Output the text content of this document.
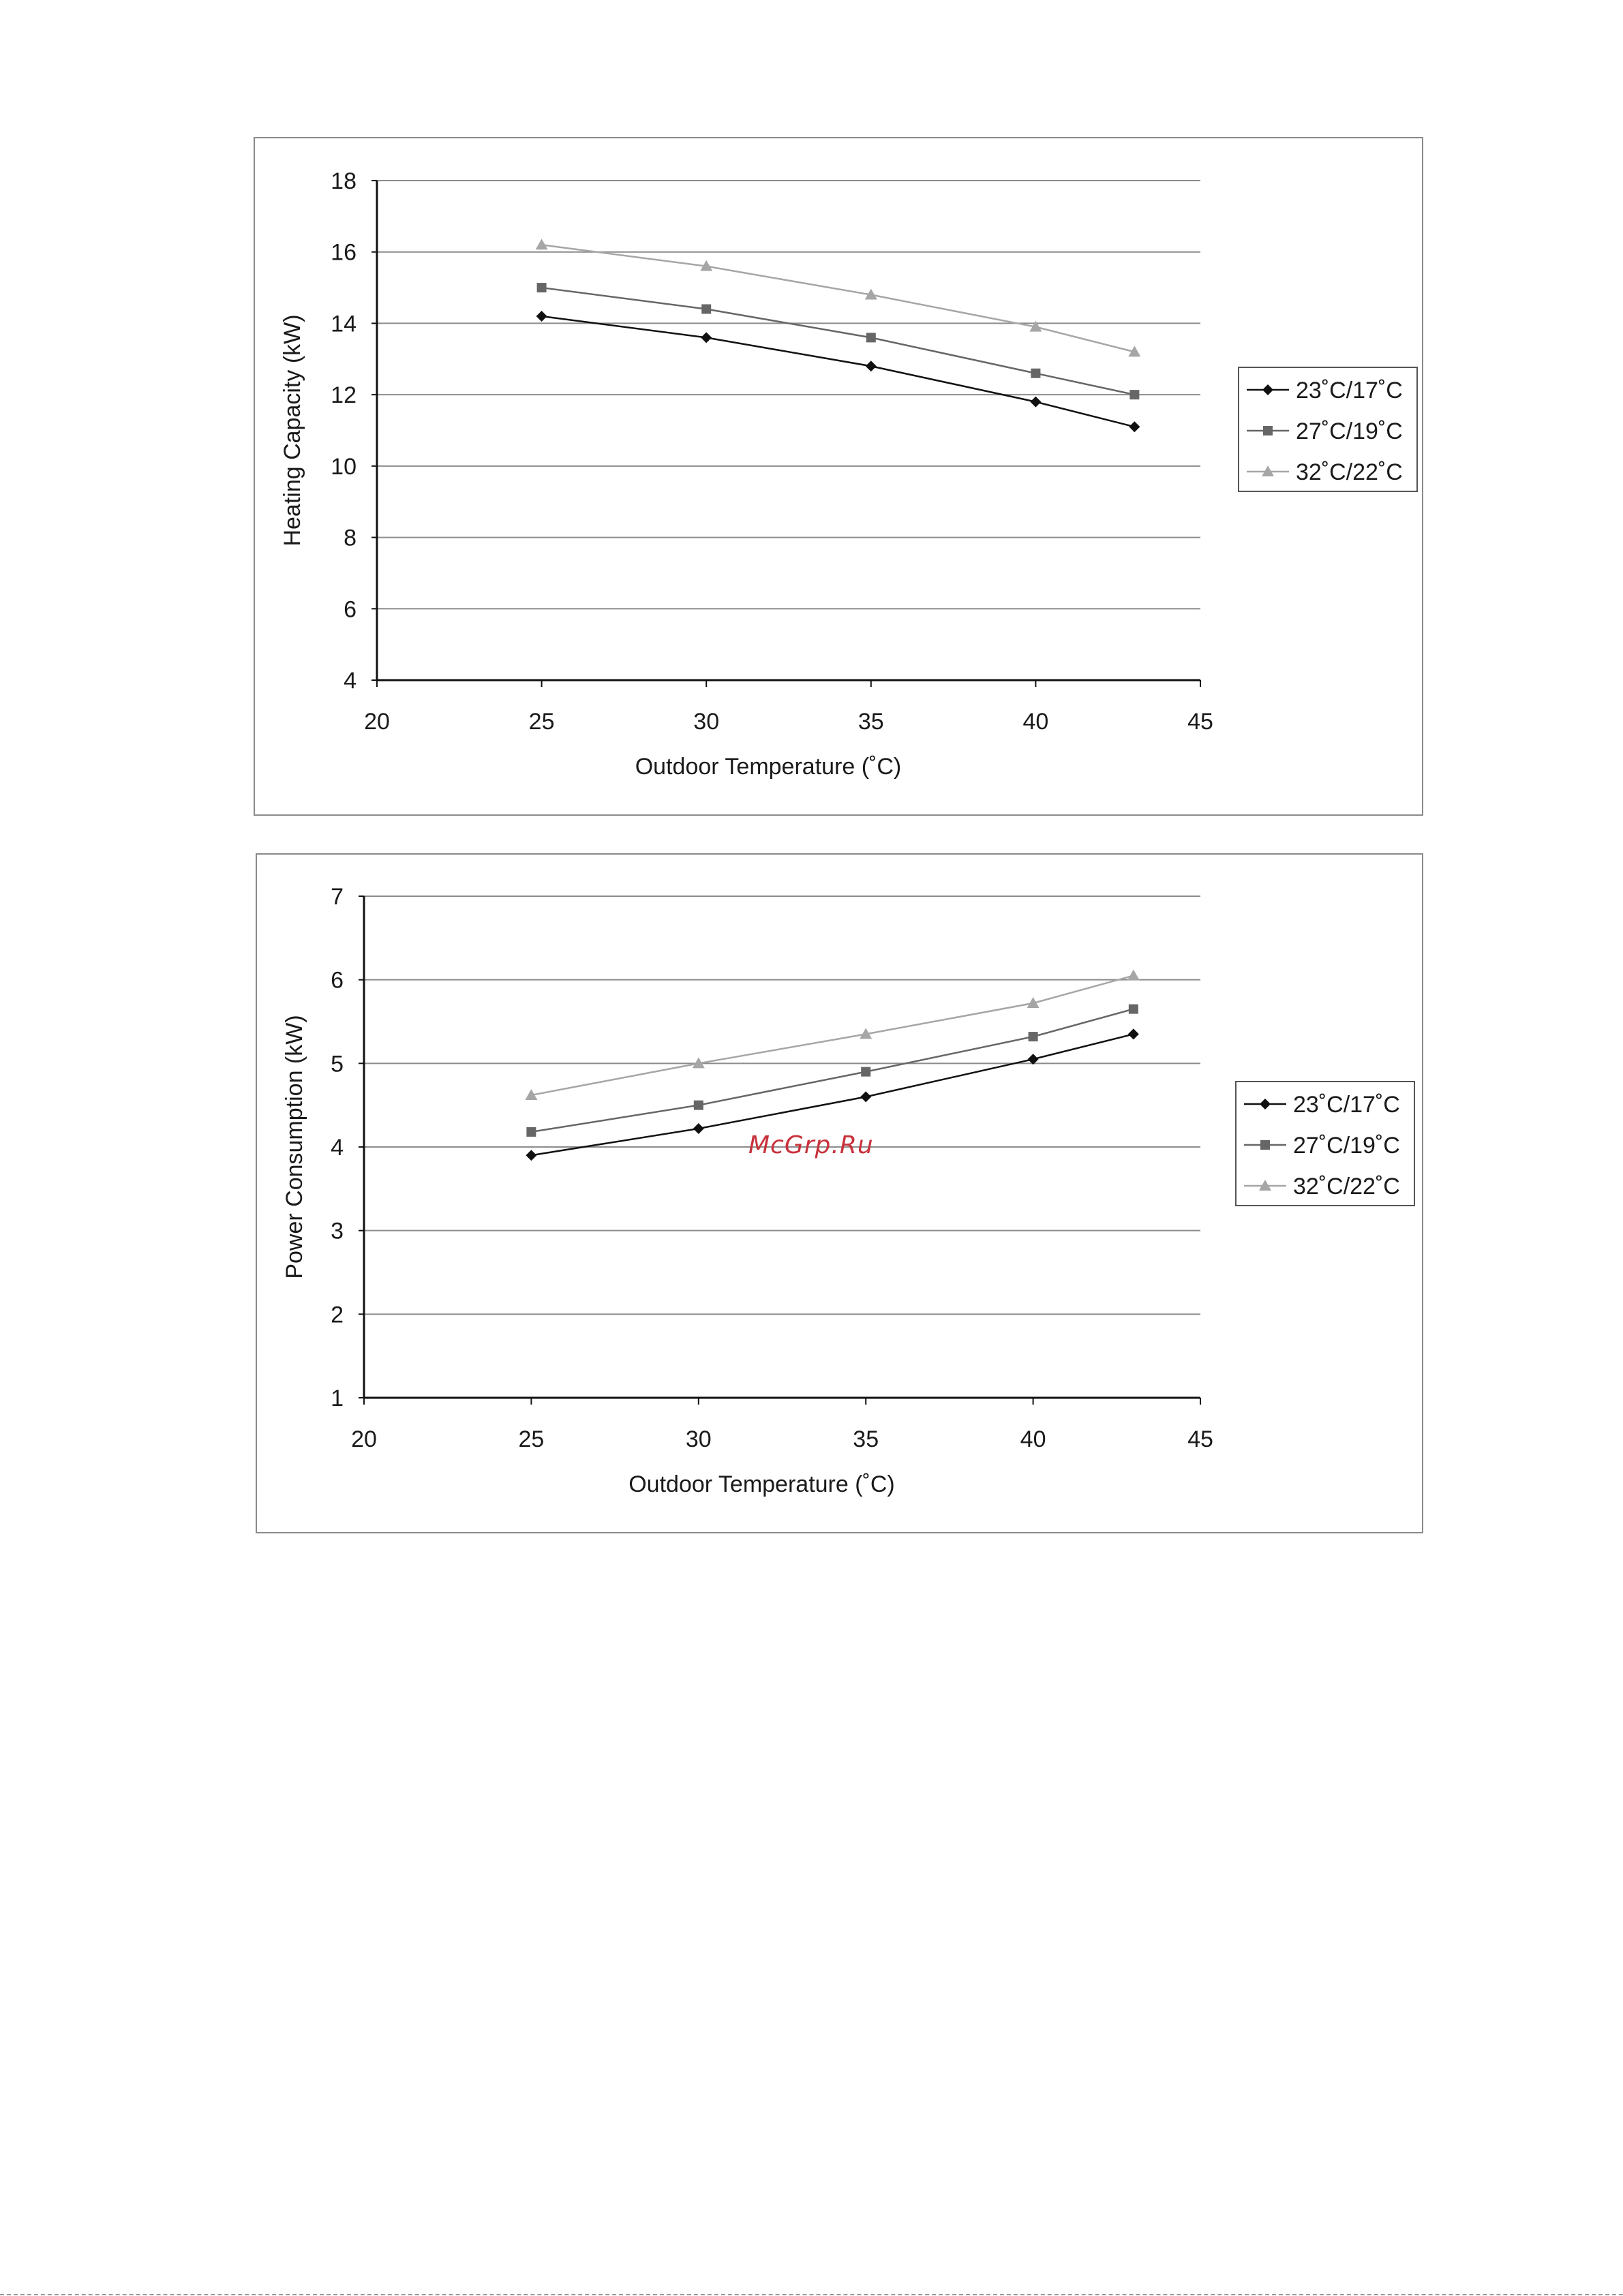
4
6
8
10
12
14
16
18
20	25	30	35	40	45
Outdoor Temperature (˚C)
Heating Capacity (kW)	23˚C/17˚C
27˚C/19˚C
32˚C/22˚C
1
2
3
4
5
6
7
20	25	30	35	40	45
Outdoor Temperature (˚C)
Power Consumption (kW)	23˚C/17˚C
27˚C/19˚C
32˚C/22˚C
McGrp.Ru
